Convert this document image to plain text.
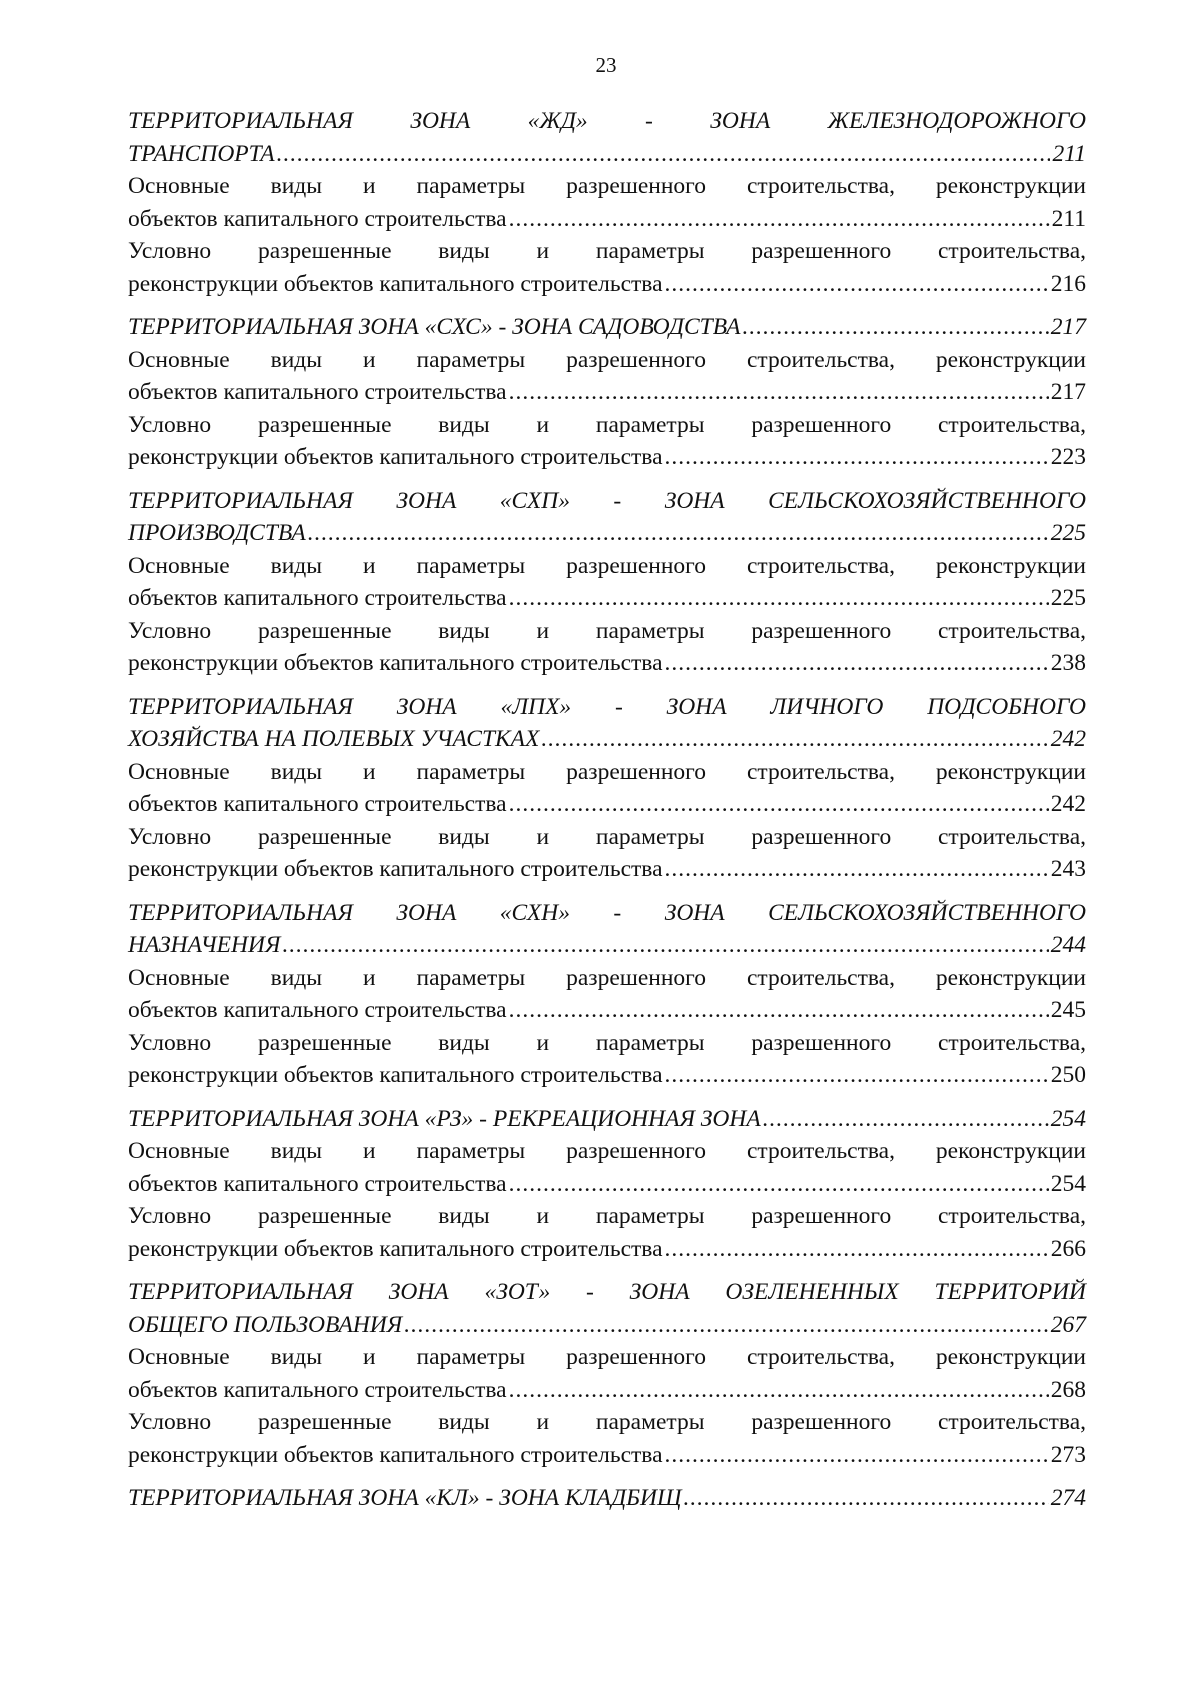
23
ТЕРРИТОРИАЛЬНАЯ ЗОНА «ЖД» - ЗОНА ЖЕЛЕЗНОДОРОЖНОГО
ТРАНСПОРТА .....	211
Основные виды и параметры разрешенного строительства, реконструкции
объектов капитального строительства .....	211
Условно разрешенные виды и параметры разрешенного строительства,
реконструкции объектов капитального строительства .....	216
ТЕРРИТОРИАЛЬНАЯ ЗОНА «СХС» - ЗОНА САДОВОДСТВА .....	217
Основные виды и параметры разрешенного строительства, реконструкции
объектов капитального строительства .....	217
Условно разрешенные виды и параметры разрешенного строительства,
реконструкции объектов капитального строительства .....	223
ТЕРРИТОРИАЛЬНАЯ ЗОНА «СХП» - ЗОНА СЕЛЬСКОХОЗЯЙСТВЕННОГО
ПРОИЗВОДСТВА .....	225
Основные виды и параметры разрешенного строительства, реконструкции
объектов капитального строительства .....	225
Условно разрешенные виды и параметры разрешенного строительства,
реконструкции объектов капитального строительства .....	238
ТЕРРИТОРИАЛЬНАЯ ЗОНА «ЛПХ» - ЗОНА ЛИЧНОГО ПОДСОБНОГО
ХОЗЯЙСТВА НА ПОЛЕВЫХ УЧАСТКАХ .....	242
Основные виды и параметры разрешенного строительства, реконструкции
объектов капитального строительства .....	242
Условно разрешенные виды и параметры разрешенного строительства,
реконструкции объектов капитального строительства .....	243
ТЕРРИТОРИАЛЬНАЯ ЗОНА «СХН» - ЗОНА СЕЛЬСКОХОЗЯЙСТВЕННОГО
НАЗНАЧЕНИЯ .....	244
Основные виды и параметры разрешенного строительства, реконструкции
объектов капитального строительства .....	245
Условно разрешенные виды и параметры разрешенного строительства,
реконструкции объектов капитального строительства .....	250
ТЕРРИТОРИАЛЬНАЯ ЗОНА «РЗ» - РЕКРЕАЦИОННАЯ ЗОНА .....	254
Основные виды и параметры разрешенного строительства, реконструкции
объектов капитального строительства .....	254
Условно разрешенные виды и параметры разрешенного строительства,
реконструкции объектов капитального строительства .....	266
ТЕРРИТОРИАЛЬНАЯ ЗОНА «ЗОТ» - ЗОНА ОЗЕЛЕНЕННЫХ ТЕРРИТОРИЙ
ОБЩЕГО ПОЛЬЗОВАНИЯ .....	267
Основные виды и параметры разрешенного строительства, реконструкции
объектов капитального строительства .....	268
Условно разрешенные виды и параметры разрешенного строительства,
реконструкции объектов капитального строительства .....	273
ТЕРРИТОРИАЛЬНАЯ ЗОНА «КЛ» - ЗОНА КЛАДБИЩ .....	274
